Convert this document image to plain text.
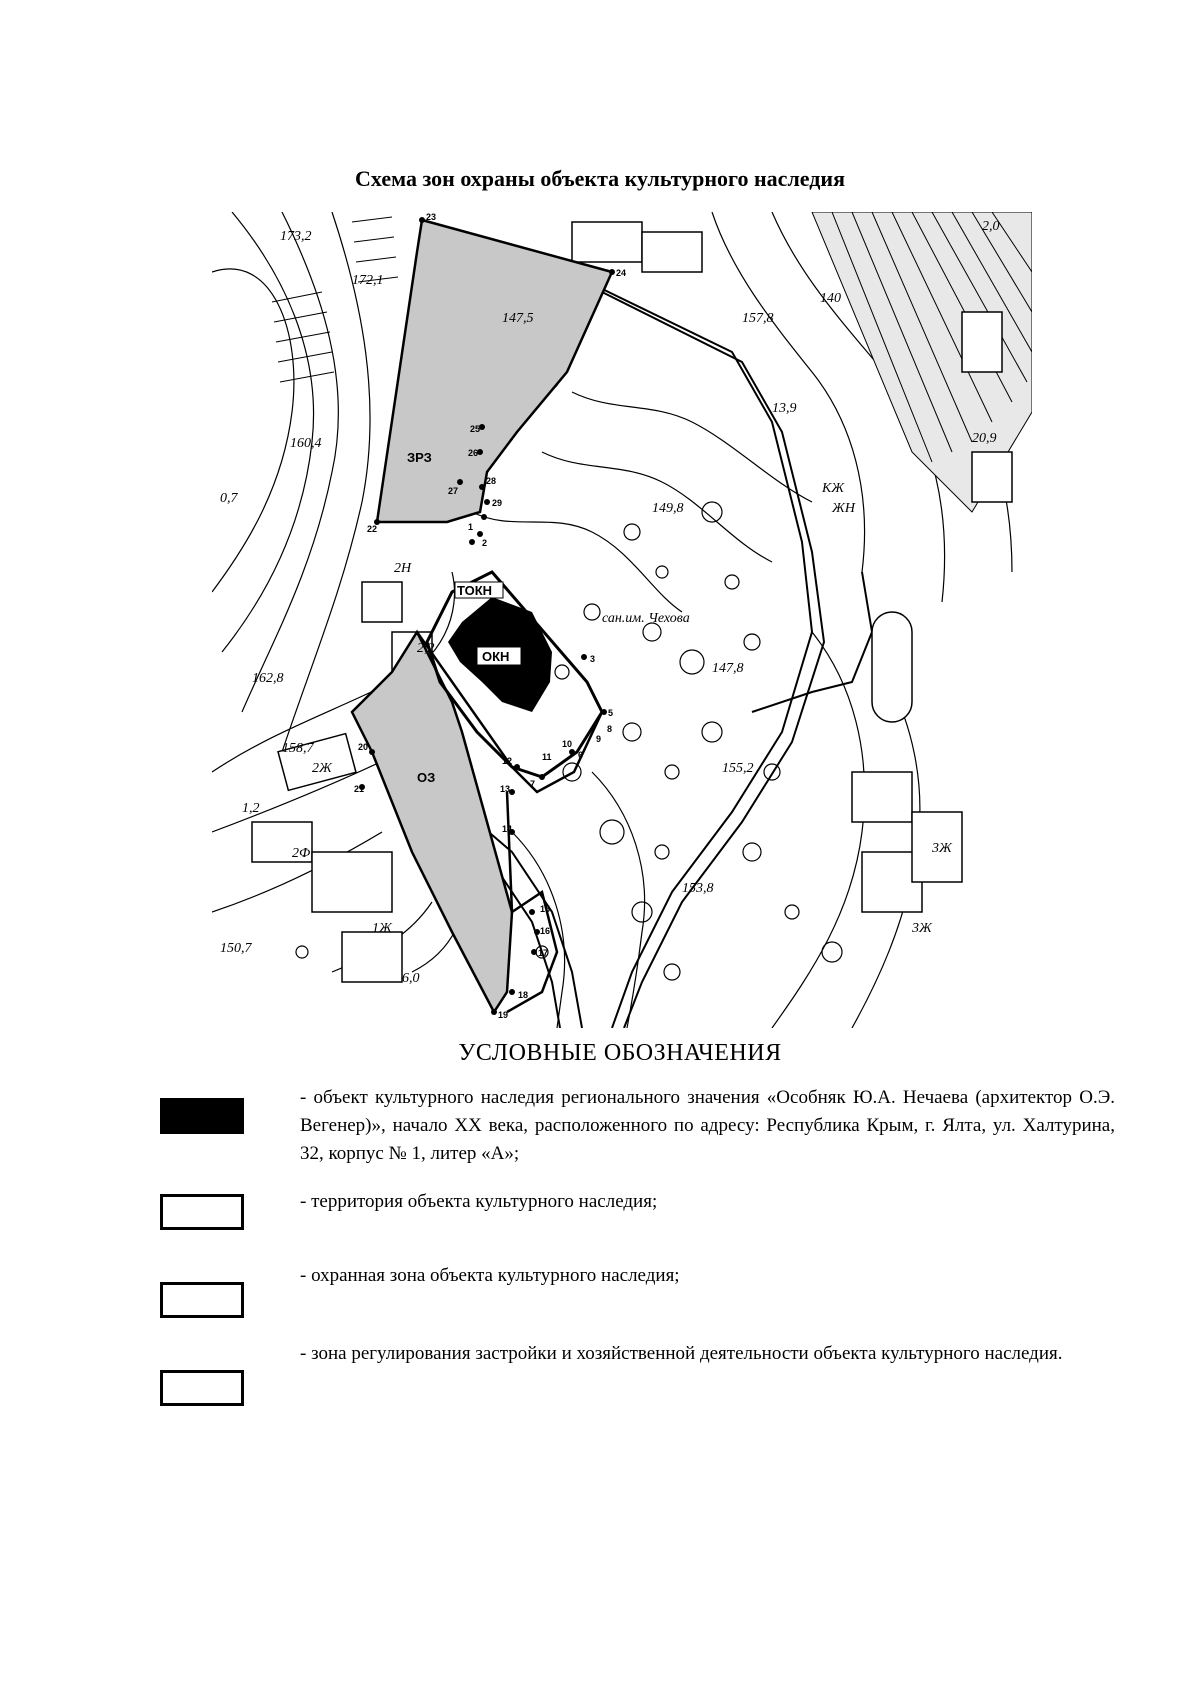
Схема зон охраны объекта культурного наследия
1
2
3
5
6
7
8
9
10
11
12
13
14
15
16
17
18
19
20
21
22
23
24
25
26
27
28
29
ЗРЗ
ТОКН
ОКН
ОЗ
173,2
172,1
160,4
158,7
150,7
162,8
149,8
147,8
147,5
153,8
155,2
157,8
140
13,9
2,0
20,9
2,2
сан.им. Чехова
2Ж
2Н
3Ж
1Ж
2Ф
3Ж
КЖ
ЖН
6,0
0,7
1,2
УСЛОВНЫЕ ОБОЗНАЧЕНИЯ
- объект культурного наследия регионального значения «Особняк Ю.А. Нечаева (архитектор О.Э. Вегенер)», начало XX века, расположенного по адресу: Республика Крым, г. Ялта, ул. Халтурина, 32, корпус № 1, литер «А»;
- территория объекта культурного наследия;
- охранная зона объекта культурного наследия;
- зона регулирования застройки и хозяйственной деятельности объекта культурного наследия.
